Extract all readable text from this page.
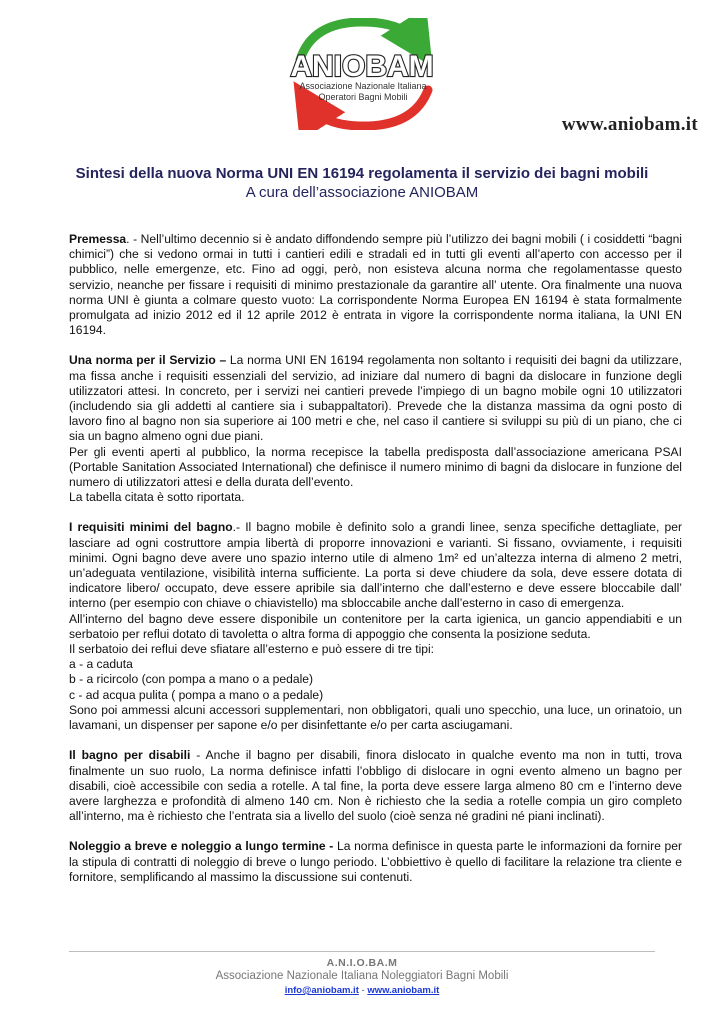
ANIOBAM
Associazione Nazionale Italiana
Operatori Bagni Mobili
www.aniobam.it
Sintesi della nuova Norma UNI EN 16194 regolamenta il servizio dei bagni mobili
A cura dell’associazione ANIOBAM

Premessa. - Nell’ultimo decennio si è andato diffondendo sempre più l’utilizzo dei bagni mobili ( i cosiddetti “bagni chimici”) che si vedono ormai in tutti i cantieri edili e stradali ed in tutti gli eventi all’aperto con accesso per il pubblico, nelle emergenze, etc. Fino ad oggi, però, non esisteva alcuna norma che regolamentasse questo servizio, neanche per fissare i requisiti di minimo prestazionale da garantire all’ utente. Ora finalmente una nuova norma UNI è giunta a colmare questo vuoto: La corrispondente Norma Europea EN 16194 è stata formalmente promulgata ad inizio 2012 ed il 12 aprile 2012 è entrata in vigore la corrispondente norma italiana, la UNI EN 16194.

Una norma per il Servizio – La norma UNI EN 16194 regolamenta non soltanto i requisiti dei bagni da utilizzare, ma fissa anche i requisiti essenziali del servizio, ad iniziare dal numero di bagni da dislocare in funzione degli utilizzatori attesi. In concreto, per i servizi nei cantieri prevede l’impiego di un bagno mobile ogni 10 utilizzatori (includendo sia gli addetti al cantiere sia i subappaltatori). Prevede che la distanza massima da ogni posto di lavoro fino al bagno non sia superiore ai 100 metri e che, nel caso il cantiere si sviluppi su più di un piano, che ci sia un bagno almeno ogni due piani.

Per gli eventi aperti al pubblico, la norma recepisce la tabella predisposta dall’associazione americana PSAI (Portable Sanitation Associated International) che definisce il numero minimo di bagni da dislocare in funzione del numero di utilizzatori attesi e della durata dell’evento.

La tabella citata è sotto riportata.

I requisiti minimi del bagno.- Il bagno mobile è definito solo a grandi linee, senza specifiche dettagliate, per lasciare ad ogni costruttore ampia libertà di proporre innovazioni e varianti. Si fissano, ovviamente, i requisiti minimi. Ogni bagno deve avere uno spazio interno utile di almeno 1m² ed un’altezza interna di almeno 2 metri, un’adeguata ventilazione, visibilità interna sufficiente. La porta si deve chiudere da sola, deve essere dotata di indicatore libero/ occupato, deve essere apribile sia dall’interno che dall’esterno e deve essere bloccabile dall’ interno (per esempio con chiave o chiavistello) ma sbloccabile anche dall’esterno in caso di emergenza.

All’interno del bagno deve essere disponibile un contenitore per la carta igienica, un gancio appendiabiti e un serbatoio per reflui dotato di tavoletta o altra forma di appoggio che consenta la posizione seduta.

Il serbatoio dei reflui deve sfiatare all’esterno e può essere di tre tipi:

a - a caduta

b - a ricircolo (con pompa a mano o a pedale)

c - ad acqua pulita ( pompa a mano o a pedale)

Sono poi ammessi alcuni accessori supplementari, non obbligatori, quali uno specchio, una luce, un orinatoio, un lavamani, un dispenser per sapone e/o per disinfettante e/o per carta asciugamani.

Il bagno per disabili - Anche il bagno per disabili, finora dislocato in qualche evento ma non in tutti, trova finalmente un suo ruolo, La norma definisce infatti l’obbligo di dislocare in ogni evento almeno un bagno per disabili, cioè accessibile con sedia a rotelle. A tal fine, la porta deve essere larga almeno 80 cm e l’interno deve avere larghezza e profondità di almeno 140 cm. Non è richiesto che la sedia a rotelle compia un giro completo all’interno, ma è richiesto che l’entrata sia a livello del suolo (cioè senza né gradini né piani inclinati).

Noleggio a breve e noleggio a lungo termine - La norma definisce in questa parte le informazioni da fornire per la stipula di contratti di noleggio di breve o lungo periodo. L’obbiettivo è quello di facilitare la relazione tra cliente e fornitore, semplificando al massimo la discussione sui contenuti.

A.N.I.O.BA.M
Associazione Nazionale Italiana Noleggiatori Bagni Mobili
info@aniobam.it - www.aniobam.it
